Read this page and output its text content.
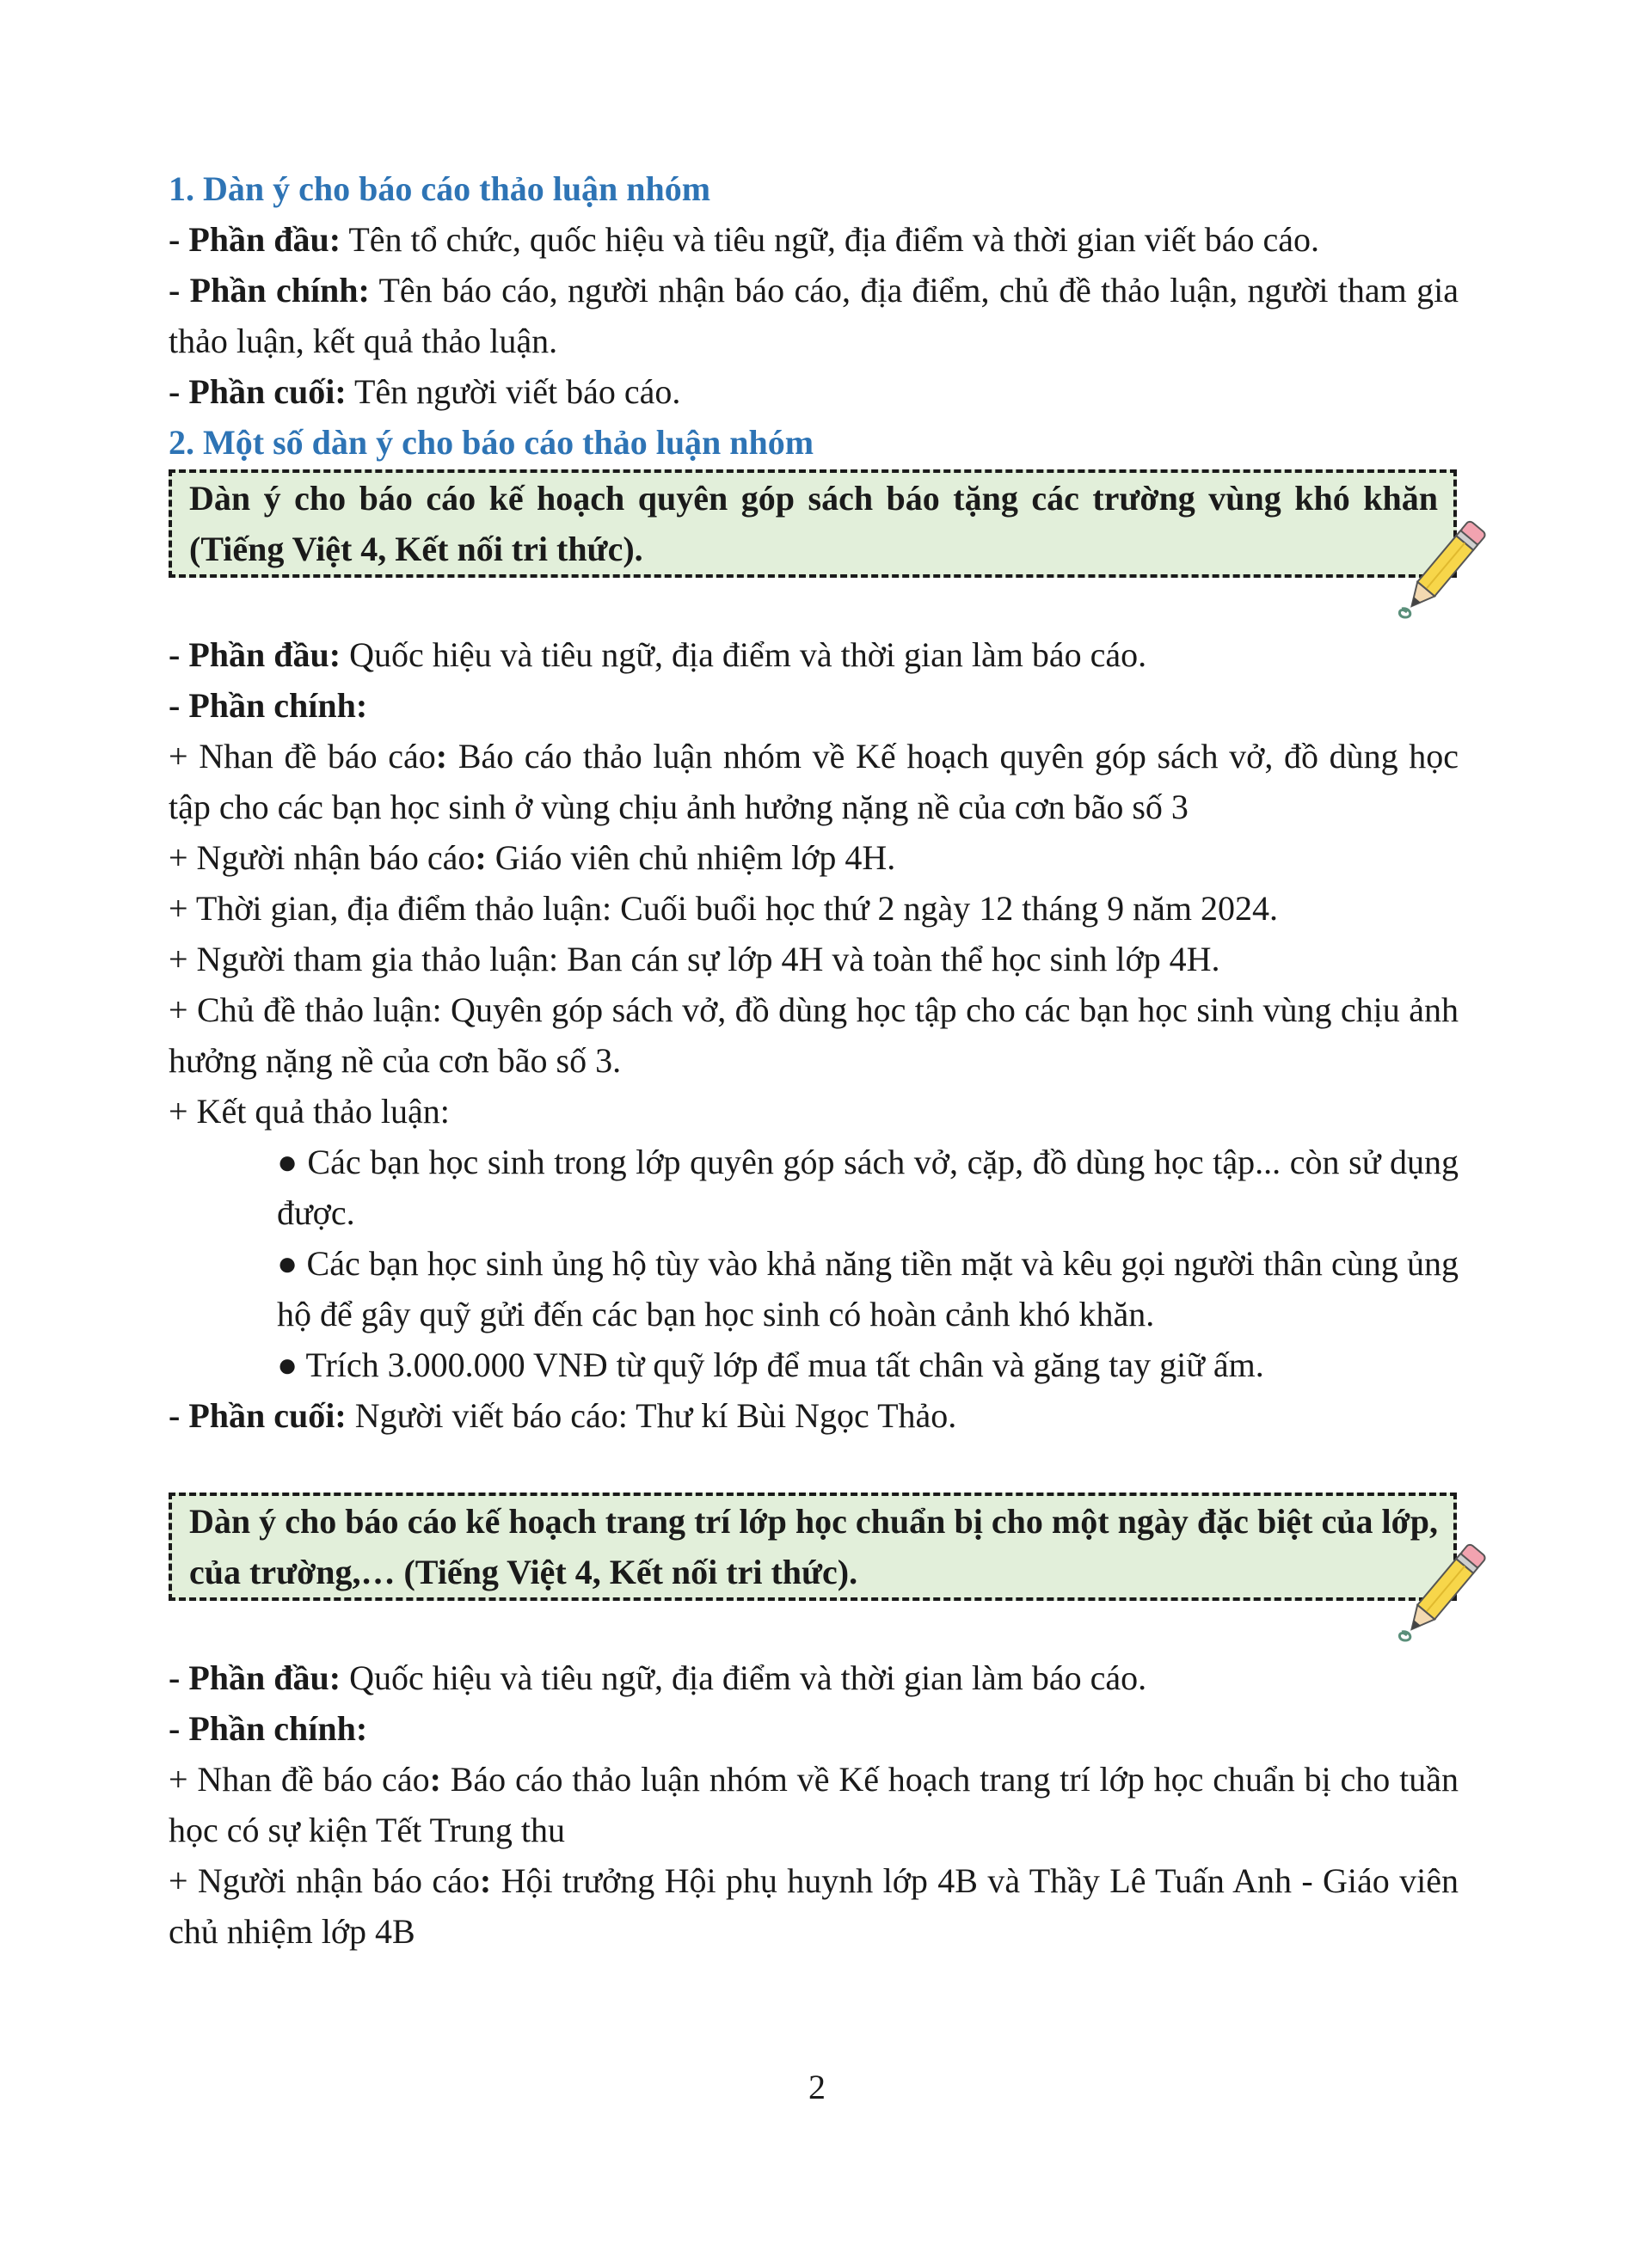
1. Dàn ý cho báo cáo thảo luận nhóm

- Phần đầu: Tên tổ chức, quốc hiệu và tiêu ngữ, địa điểm và thời gian viết báo cáo.

- Phần chính: Tên báo cáo, người nhận báo cáo, địa điểm, chủ đề thảo luận, người tham gia thảo luận, kết quả thảo luận.

- Phần cuối: Tên người viết báo cáo.

2. Một số dàn ý cho báo cáo thảo luận nhóm

Dàn ý cho báo cáo kế hoạch quyên góp sách báo tặng các trường vùng khó khăn (Tiếng Việt 4, Kết nối tri thức).

- Phần đầu: Quốc hiệu và tiêu ngữ, địa điểm và thời gian làm báo cáo.

- Phần chính:

+ Nhan đề báo cáo: Báo cáo thảo luận nhóm về Kế hoạch quyên góp sách vở, đồ dùng học tập cho các bạn học sinh ở vùng chịu ảnh hưởng nặng nề của cơn bão số 3

+ Người nhận báo cáo: Giáo viên chủ nhiệm lớp 4H.

+ Thời gian, địa điểm thảo luận: Cuối buổi học thứ 2 ngày 12 tháng 9 năm 2024.

+ Người tham gia thảo luận: Ban cán sự lớp 4H và toàn thể học sinh lớp 4H.

+ Chủ đề thảo luận: Quyên góp sách vở, đồ dùng học tập cho các bạn học sinh vùng chịu ảnh hưởng nặng nề của cơn bão số 3.

+ Kết quả thảo luận:

● Các bạn học sinh trong lớp quyên góp sách vở, cặp, đồ dùng học tập... còn sử dụng được.

● Các bạn học sinh ủng hộ tùy vào khả năng tiền mặt và kêu gọi người thân cùng ủng hộ để gây quỹ gửi đến các bạn học sinh có hoàn cảnh khó khăn.

● Trích 3.000.000 VNĐ từ quỹ lớp để mua tất chân và găng tay giữ ấm.

- Phần cuối: Người viết báo cáo: Thư kí Bùi Ngọc Thảo.

Dàn ý cho báo cáo kế hoạch trang trí lớp học chuẩn bị cho một ngày đặc biệt của lớp, của trường,… (Tiếng Việt 4, Kết nối tri thức).

- Phần đầu: Quốc hiệu và tiêu ngữ, địa điểm và thời gian làm báo cáo.

- Phần chính:

+ Nhan đề báo cáo: Báo cáo thảo luận nhóm về Kế hoạch trang trí lớp học chuẩn bị cho tuần học có sự kiện Tết Trung thu

+ Người nhận báo cáo: Hội trưởng Hội phụ huynh lớp 4B và Thầy Lê Tuấn Anh - Giáo viên chủ nhiệm lớp 4B

2
